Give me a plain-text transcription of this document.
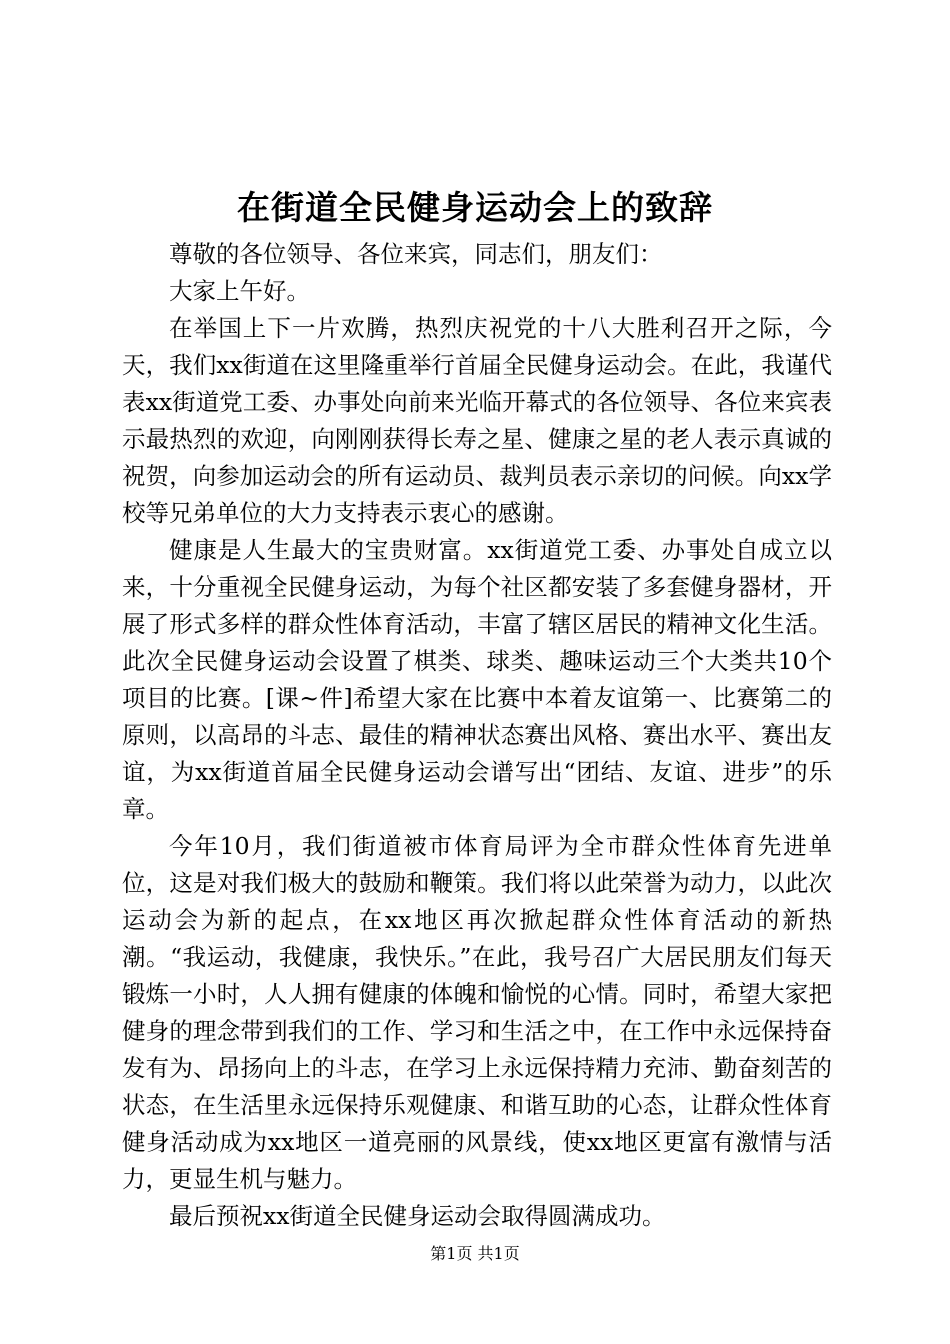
在街道全民健身运动会上的致辞

尊敬的各位领导、各位来宾，同志们，朋友们：

大家上午好。

在举国上下一片欢腾，热烈庆祝党的十八大胜利召开之际，今天，我们xx街道在这里隆重举行首届全民健身运动会。在此，我谨代表xx街道党工委、办事处向前来光临开幕式的各位领导、各位来宾表示最热烈的欢迎，向刚刚获得长寿之星、健康之星的老人表示真诚的祝贺，向参加运动会的所有运动员、裁判员表示亲切的问候。向xx学校等兄弟单位的大力支持表示衷心的感谢。

健康是人生最大的宝贵财富。xx街道党工委、办事处自成立以来，十分重视全民健身运动，为每个社区都安装了多套健身器材，开展了形式多样的群众性体育活动，丰富了辖区居民的精神文化生活。此次全民健身运动会设置了棋类、球类、趣味运动三个大类共10个项目的比赛。[课~件]希望大家在比赛中本着友谊第一、比赛第二的原则，以高昂的斗志、最佳的精神状态赛出风格、赛出水平、赛出友谊，为xx街道首届全民健身运动会谱写出“团结、友谊、进步”的乐章。

今年10月，我们街道被市体育局评为全市群众性体育先进单位，这是对我们极大的鼓励和鞭策。我们将以此荣誉为动力，以此次运动会为新的起点，在xx地区再次掀起群众性体育活动的新热潮。“我运动，我健康，我快乐。”在此，我号召广大居民朋友们每天锻炼一小时，人人拥有健康的体魄和愉悦的心情。同时，希望大家把健身的理念带到我们的工作、学习和生活之中，在工作中永远保持奋发有为、昂扬向上的斗志，在学习上永远保持精力充沛、勤奋刻苦的状态，在生活里永远保持乐观健康、和谐互助的心态，让群众性体育健身活动成为xx地区一道亮丽的风景线，使xx地区更富有激情与活力，更显生机与魅力。

最后预祝xx街道全民健身运动会取得圆满成功。

第1页 共1页
